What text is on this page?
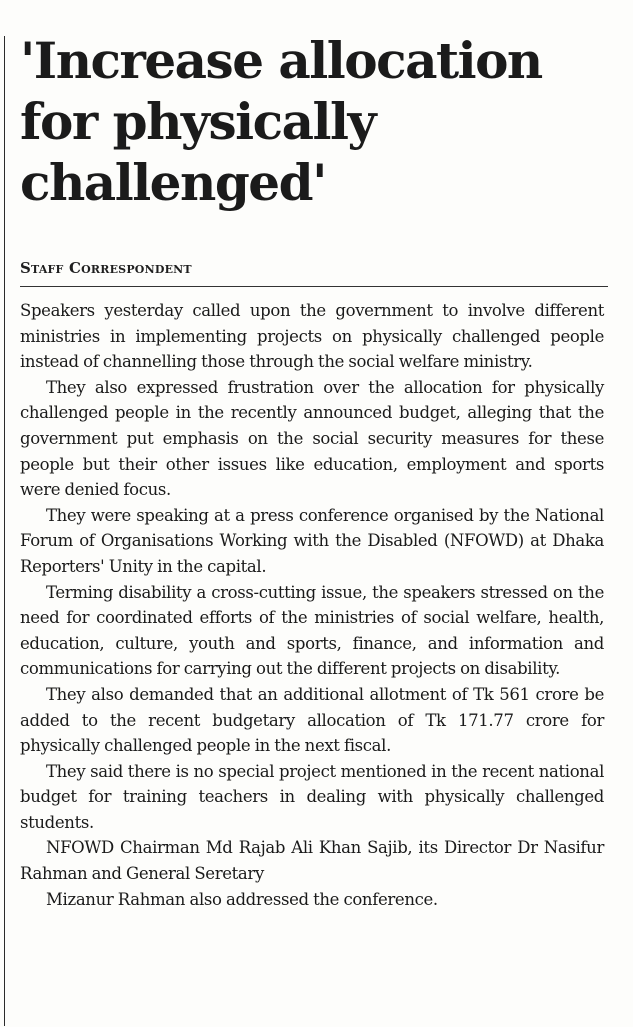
'Increase allocation for physically challenged'
Staff Correspondent

Speakers yesterday called upon the government to involve different ministries in implementing projects on physically challenged people instead of channelling those through the social welfare ministry.

They also expressed frustration over the allocation for physically challenged people in the recently announced budget, alleging that the government put emphasis on the social security measures for these people but their other issues like education, employment and sports were denied focus.

They were speaking at a press conference organised by the National Forum of Organisations Working with the Disabled (NFOWD) at Dhaka Reporters' Unity in the capital.

Terming disability a cross-cutting issue, the speakers stressed on the need for coordinated efforts of the ministries of social welfare, health, education, culture, youth and sports, finance, and information and communications for carrying out the different projects on disability.

They also demanded that an additional allotment of Tk 561 crore be added to the recent budgetary allocation of Tk 171.77 crore for physically challenged people in the next fiscal.

They said there is no special project mentioned in the recent national budget for training teachers in dealing with physically challenged students.

NFOWD Chairman Md Rajab Ali Khan Sajib, its Director Dr Nasifur Rahman and General Seretary

Mizanur Rahman also addressed the conference.
